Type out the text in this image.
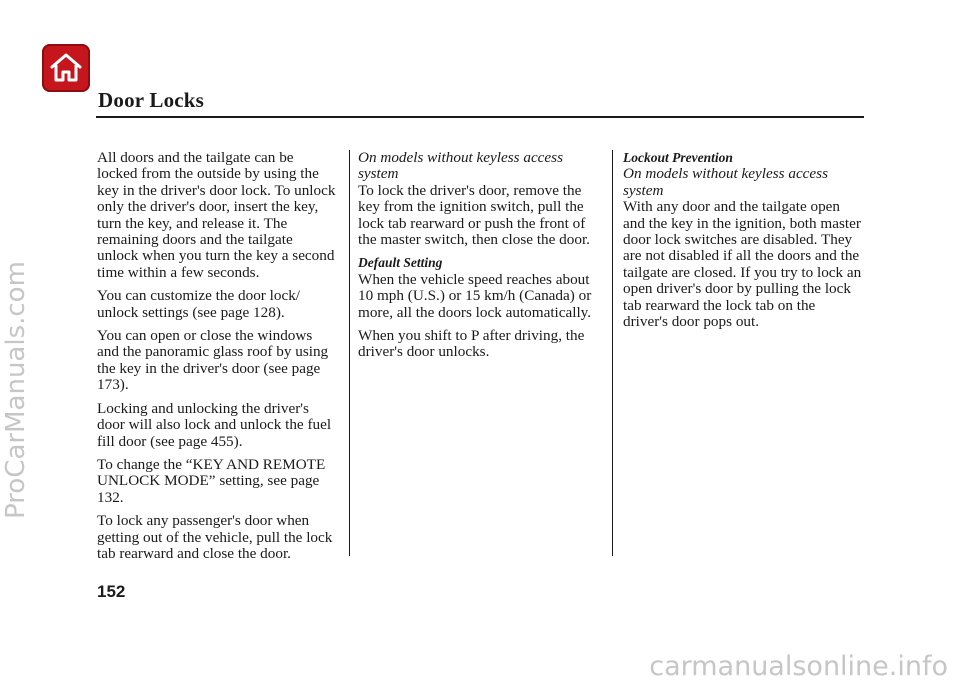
Door Locks

All doors and the tailgate can be locked from the outside by using the key in the driver's door lock. To unlock only the driver's door, insert the key, turn the key, and release it. The remaining doors and the tailgate unlock when you turn the key a second time within a few seconds.

You can customize the door lock/ unlock settings (see page 128).

You can open or close the windows and the panoramic glass roof by using the key in the driver's door (see page 173).

Locking and unlocking the driver's door will also lock and unlock the fuel fill door (see page 455).

To change the “KEY AND REMOTE UNLOCK MODE” setting, see page 132.

To lock any passenger's door when getting out of the vehicle, pull the lock tab rearward and close the door.

On models without keyless access system

To lock the driver's door, remove the key from the ignition switch, pull the lock tab rearward or push the front of the master switch, then close the door.

Default Setting

When the vehicle speed reaches about 10 mph (U.S.) or 15 km/h (Canada) or more, all the doors lock automatically.

When you shift to P after driving, the driver's door unlocks.

Lockout Prevention

On models without keyless access system

With any door and the tailgate open and the key in the ignition, both master door lock switches are disabled. They are not disabled if all the doors and the tailgate are closed. If you try to lock an open driver's door by pulling the lock tab rearward the lock tab on the driver's door pops out.

152
ProCarManuals.com
carmanualsonline.info
